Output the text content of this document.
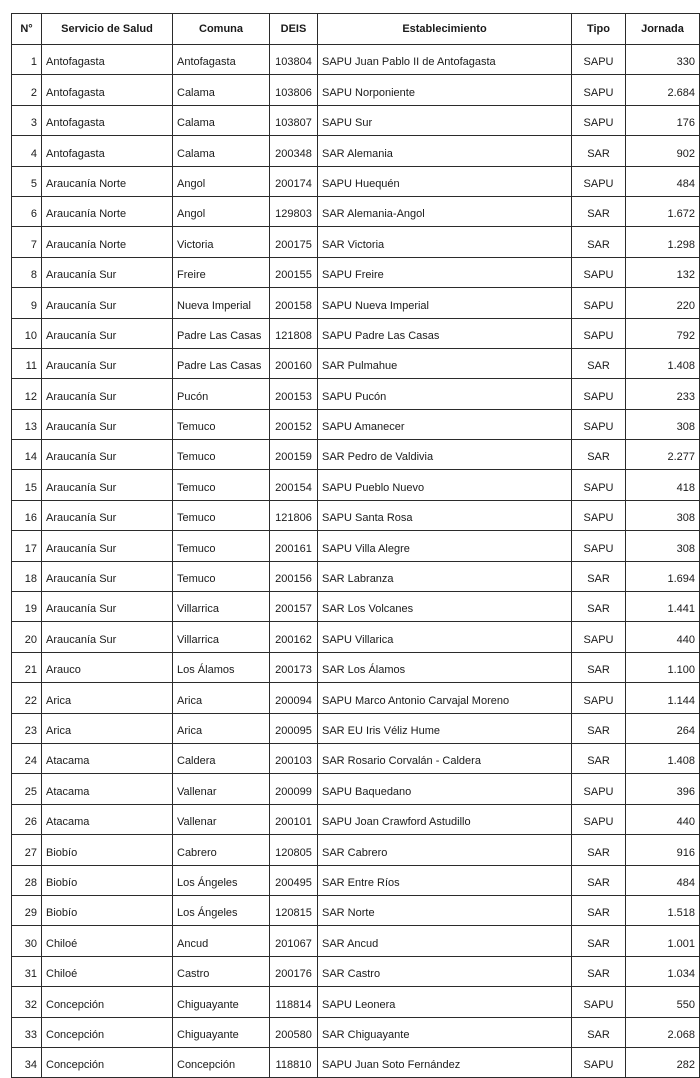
N°	Servicio de Salud	Comuna	DEIS	Establecimiento	Tipo	Jornada
1	Antofagasta	Antofagasta	103804	SAPU Juan Pablo II de Antofagasta	SAPU	330
2	Antofagasta	Calama	103806	SAPU Norponiente	SAPU	2.684
3	Antofagasta	Calama	103807	SAPU Sur	SAPU	176
4	Antofagasta	Calama	200348	SAR Alemania	SAR	902
5	Araucanía Norte	Angol	200174	SAPU Huequén	SAPU	484
6	Araucanía Norte	Angol	129803	SAR Alemania-Angol	SAR	1.672
7	Araucanía Norte	Victoria	200175	SAR Victoria	SAR	1.298
8	Araucanía Sur	Freire	200155	SAPU Freire	SAPU	132
9	Araucanía Sur	Nueva Imperial	200158	SAPU Nueva Imperial	SAPU	220
10	Araucanía Sur	Padre Las Casas	121808	SAPU Padre Las Casas	SAPU	792
11	Araucanía Sur	Padre Las Casas	200160	SAR Pulmahue	SAR	1.408
12	Araucanía Sur	Pucón	200153	SAPU Pucón	SAPU	233
13	Araucanía Sur	Temuco	200152	SAPU Amanecer	SAPU	308
14	Araucanía Sur	Temuco	200159	SAR Pedro de Valdivia	SAR	2.277
15	Araucanía Sur	Temuco	200154	SAPU Pueblo Nuevo	SAPU	418
16	Araucanía Sur	Temuco	121806	SAPU Santa Rosa	SAPU	308
17	Araucanía Sur	Temuco	200161	SAPU Villa Alegre	SAPU	308
18	Araucanía Sur	Temuco	200156	SAR Labranza	SAR	1.694
19	Araucanía Sur	Villarrica	200157	SAR Los Volcanes	SAR	1.441
20	Araucanía Sur	Villarrica	200162	SAPU Villarica	SAPU	440
21	Arauco	Los Álamos	200173	SAR Los Álamos	SAR	1.100
22	Arica	Arica	200094	SAPU Marco Antonio Carvajal Moreno	SAPU	1.144
23	Arica	Arica	200095	SAR EU Iris Véliz Hume	SAR	264
24	Atacama	Caldera	200103	SAR Rosario Corvalán - Caldera	SAR	1.408
25	Atacama	Vallenar	200099	SAPU Baquedano	SAPU	396
26	Atacama	Vallenar	200101	SAPU Joan Crawford Astudillo	SAPU	440
27	Biobío	Cabrero	120805	SAR Cabrero	SAR	916
28	Biobío	Los Ángeles	200495	SAR Entre Ríos	SAR	484
29	Biobío	Los Ángeles	120815	SAR Norte	SAR	1.518
30	Chiloé	Ancud	201067	SAR Ancud	SAR	1.001
31	Chiloé	Castro	200176	SAR Castro	SAR	1.034
32	Concepción	Chiguayante	118814	SAPU Leonera	SAPU	550
33	Concepción	Chiguayante	200580	SAR Chiguayante	SAR	2.068
34	Concepción	Concepción	118810	SAPU Juan Soto Fernández	SAPU	282
